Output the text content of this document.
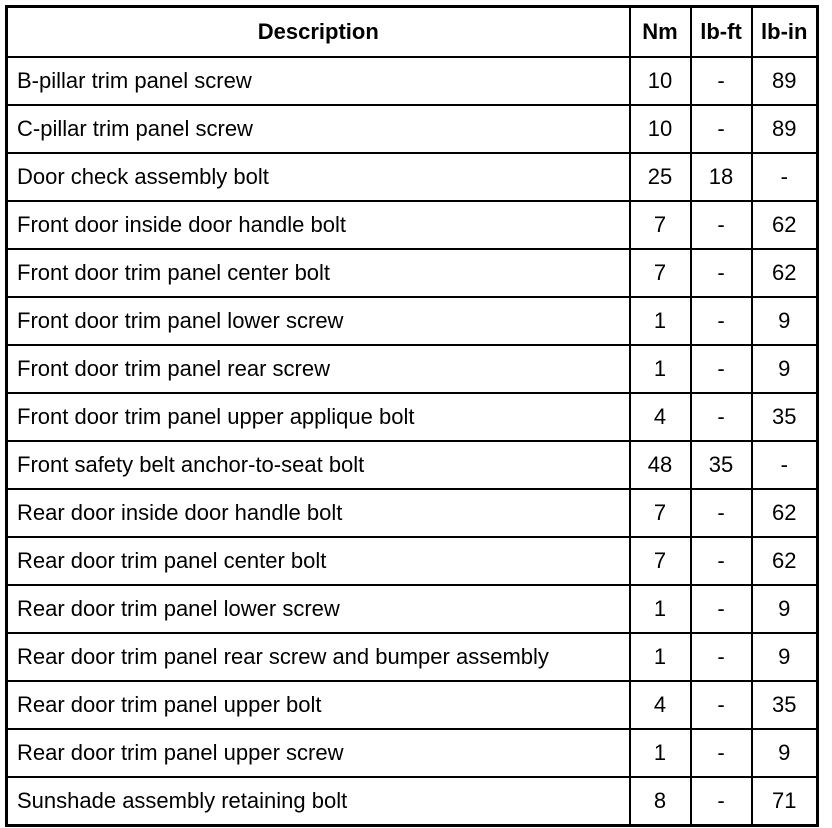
Description	Nm	lb-ft	lb-in
B-pillar trim panel screw	10	-	89
C-pillar trim panel screw	10	-	89
Door check assembly bolt	25	18	-
Front door inside door handle bolt	7	-	62
Front door trim panel center bolt	7	-	62
Front door trim panel lower screw	1	-	9
Front door trim panel rear screw	1	-	9
Front door trim panel upper applique bolt	4	-	35
Front safety belt anchor-to-seat bolt	48	35	-
Rear door inside door handle bolt	7	-	62
Rear door trim panel center bolt	7	-	62
Rear door trim panel lower screw	1	-	9
Rear door trim panel rear screw and bumper assembly	1	-	9
Rear door trim panel upper bolt	4	-	35
Rear door trim panel upper screw	1	-	9
Sunshade assembly retaining bolt	8	-	71
